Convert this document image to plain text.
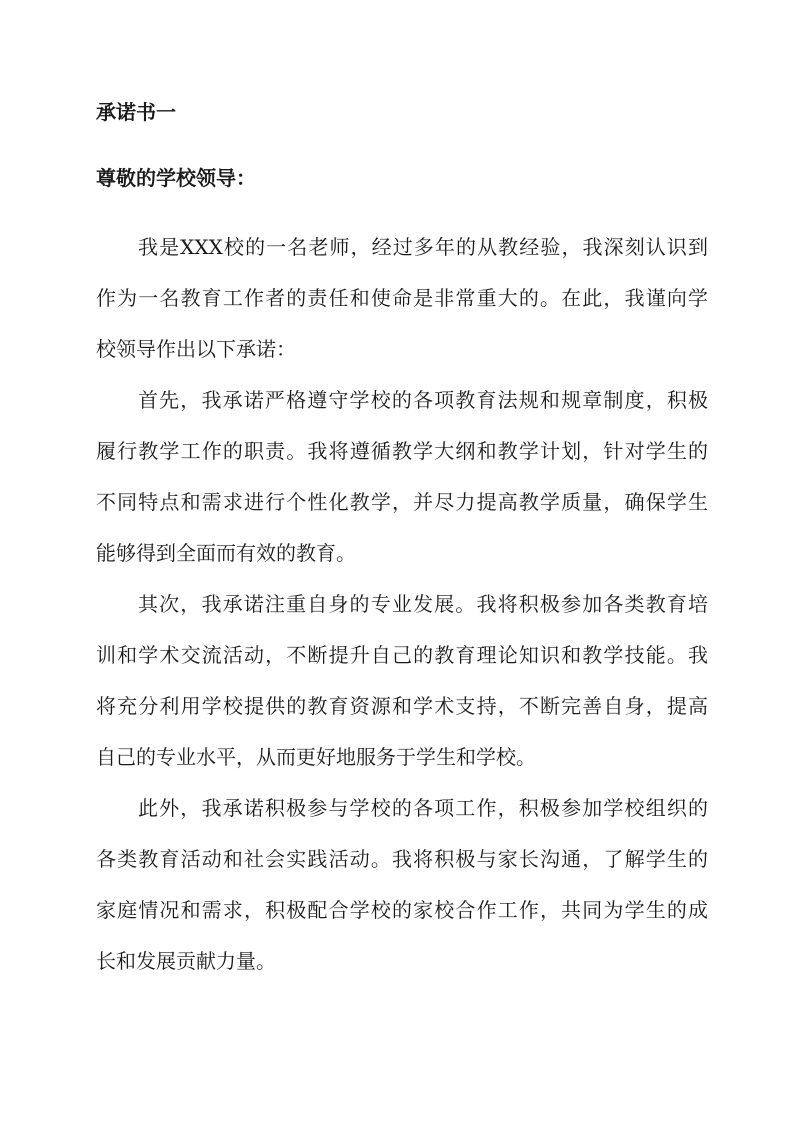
承诺书一

尊敬的学校领导：

我是XXX校的一名老师，经过多年的从教经验，我深刻认识到
作为一名教育工作者的责任和使命是非常重大的。在此，我谨向学
校领导作出以下承诺：
首先，我承诺严格遵守学校的各项教育法规和规章制度，积极
履行教学工作的职责。我将遵循教学大纲和教学计划，针对学生的
不同特点和需求进行个性化教学，并尽力提高教学质量，确保学生
能够得到全面而有效的教育。
其次，我承诺注重自身的专业发展。我将积极参加各类教育培
训和学术交流活动，不断提升自己的教育理论知识和教学技能。我
将充分利用学校提供的教育资源和学术支持，不断完善自身，提高
自己的专业水平，从而更好地服务于学生和学校。
此外，我承诺积极参与学校的各项工作，积极参加学校组织的
各类教育活动和社会实践活动。我将积极与家长沟通，了解学生的
家庭情况和需求，积极配合学校的家校合作工作，共同为学生的成
长和发展贡献力量。
